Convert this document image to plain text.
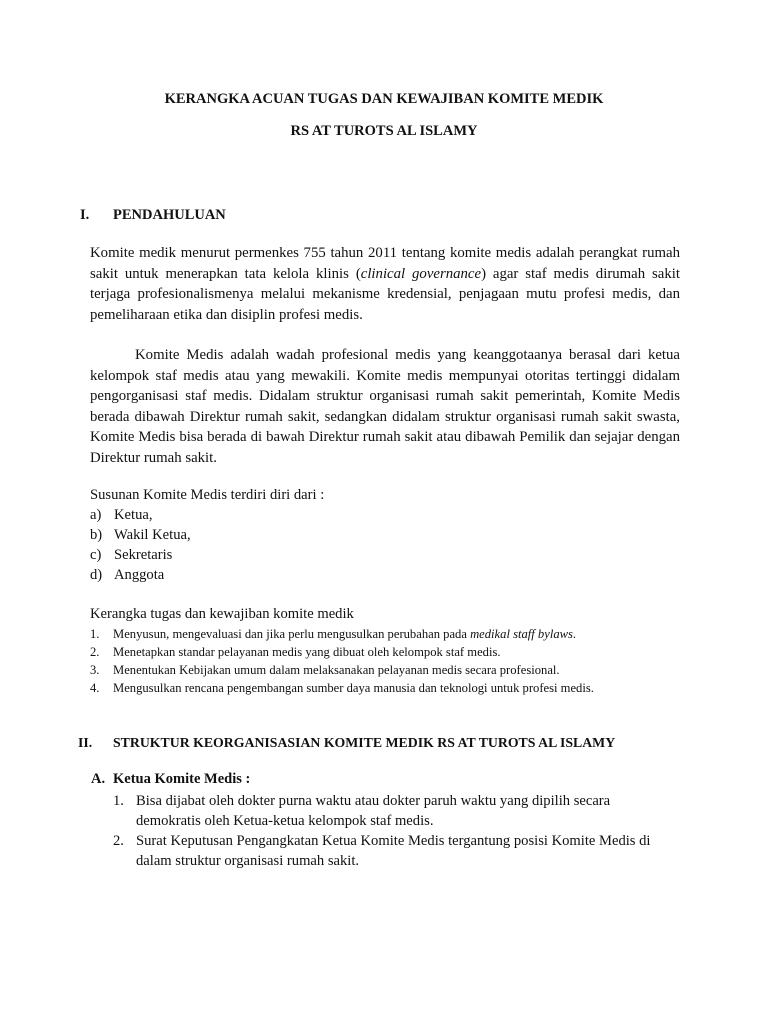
KERANGKA ACUAN TUGAS DAN KEWAJIBAN KOMITE MEDIK
RS AT TUROTS AL ISLAMY
I. PENDAHULUAN
Komite medik menurut permenkes 755 tahun 2011 tentang komite medis adalah perangkat rumah sakit untuk menerapkan tata kelola klinis (clinical governance) agar staf medis dirumah sakit terjaga profesionalismenya melalui mekanisme kredensial, penjagaan mutu profesi medis, dan pemeliharaan etika dan disiplin profesi medis.
Komite Medis adalah wadah profesional medis yang keanggotaanya berasal dari ketua kelompok staf medis atau yang mewakili. Komite medis mempunyai otoritas tertinggi didalam pengorganisasi staf medis. Didalam struktur organisasi rumah sakit pemerintah, Komite Medis berada dibawah Direktur rumah sakit, sedangkan didalam struktur organisasi rumah sakit swasta, Komite Medis bisa berada di bawah Direktur rumah sakit atau dibawah Pemilik dan sejajar dengan Direktur rumah sakit.
Susunan Komite Medis terdiri diri dari :
a) Ketua,
b) Wakil Ketua,
c) Sekretaris
d) Anggota
Kerangka tugas dan kewajiban komite medik
1. Menyusun, mengevaluasi dan jika perlu mengusulkan perubahan pada medikal staff bylaws.
2. Menetapkan standar pelayanan medis yang dibuat oleh kelompok staf medis.
3. Menentukan Kebijakan umum dalam melaksanakan pelayanan medis secara profesional.
4. Mengusulkan rencana pengembangan sumber daya manusia dan teknologi untuk profesi medis.
II. STRUKTUR KEORGANISASIAN KOMITE MEDIK RS AT TUROTS AL ISLAMY
A. Ketua Komite Medis :
1. Bisa dijabat oleh dokter purna waktu atau dokter paruh waktu yang dipilih secara
demokratis oleh Ketua-ketua kelompok staf medis.
2. Surat Keputusan Pengangkatan Ketua Komite Medis tergantung posisi Komite Medis di
dalam struktur organisasi rumah sakit.
